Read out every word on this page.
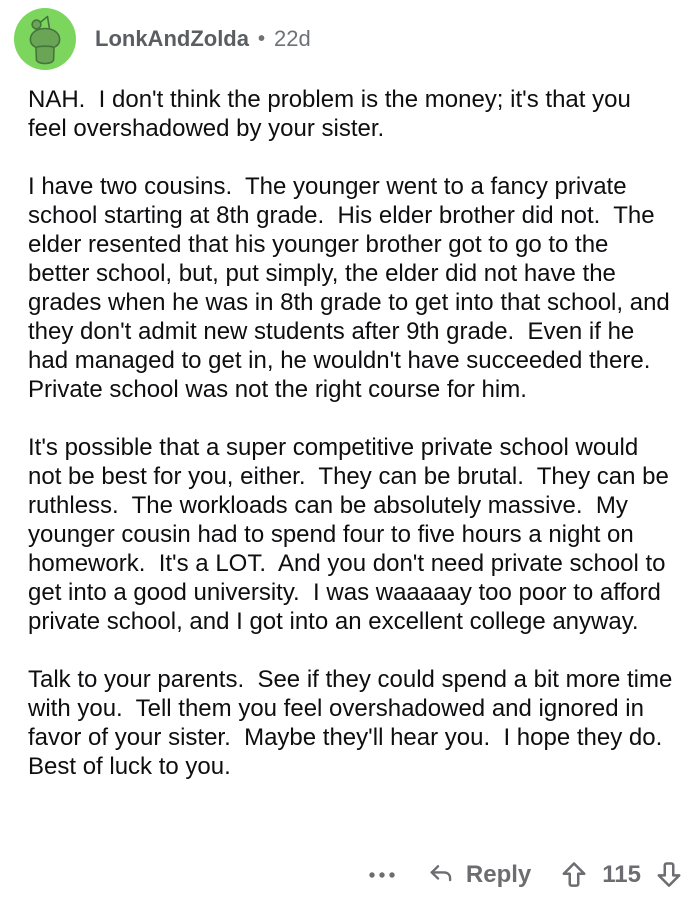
LonkAndZolda • 22d

NAH.  I don't think the problem is the money; it's that you feel overshadowed by your sister.

I have two cousins.  The younger went to a fancy private school starting at 8th grade.  His elder brother did not.  The elder resented that his younger brother got to go to the better school, but, put simply, the elder did not have the grades when he was in 8th grade to get into that school, and they don't admit new students after 9th grade.  Even if he had managed to get in, he wouldn't have succeeded there.  Private school was not the right course for him.

It's possible that a super competitive private school would not be best for you, either.  They can be brutal.  They can be ruthless.  The workloads can be absolutely massive.  My younger cousin had to spend four to five hours a night on homework.  It's a LOT.  And you don't need private school to get into a good university.  I was waaaaay too poor to afford private school, and I got into an excellent college anyway.

Talk to your parents.  See if they could spend a bit more time with you.  Tell them you feel overshadowed and ignored in favor of your sister.  Maybe they'll hear you.  I hope they do.  Best of luck to you.

Reply	115
